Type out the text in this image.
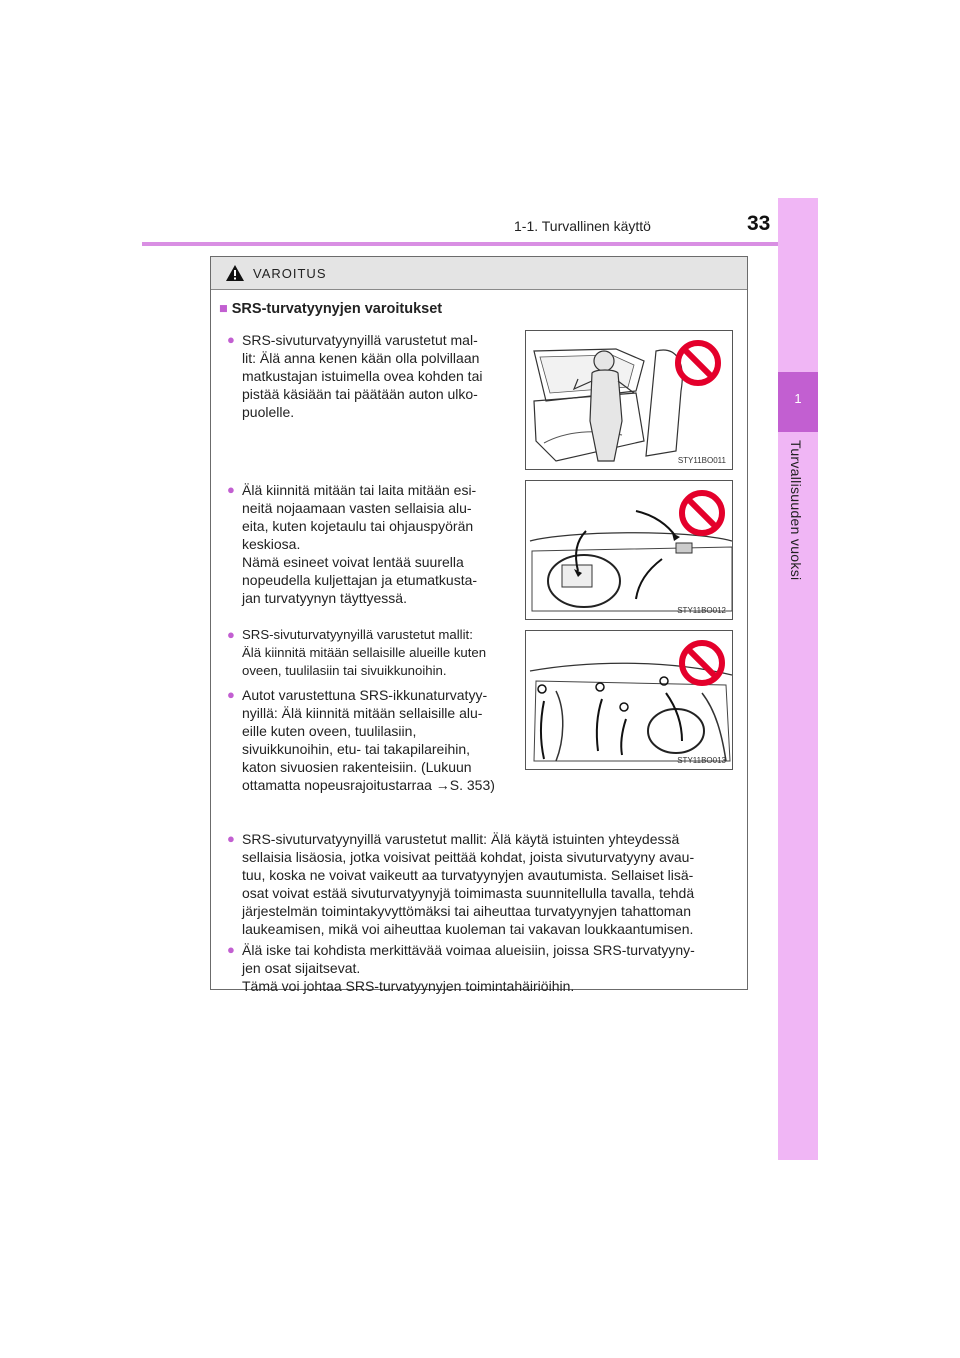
1-1. Turvallinen käyttö	33
1
Turvallisuuden vuoksi
VAROITUS
■ SRS-turvatyynyjen varoitukset
● SRS-sivuturvatyynyillä varustetut mal-
lit: Älä anna kenen kään olla polvillaan
matkustajan istuimella ovea kohden tai
pistää käsiään tai päätään auton ulko-
puolelle.
● Älä kiinnitä mitään tai laita mitään esi-
neitä nojaamaan vasten sellaisia alu-
eita, kuten kojetaulu tai ohjauspyörän
keskiosa.
Nämä esineet voivat lentää suurella
nopeudella kuljettajan ja etumatkusta-
jan turvatyynyn täyttyessä.
● SRS-sivuturvatyynyillä varustetut mallit:
Älä kiinnitä mitään sellaisille alueille kuten
oveen, tuulilasiin tai sivuikkunoihin.
● Autot varustettuna SRS-ikkunaturvatyy-
nyillä: Älä kiinnitä mitään sellaisille alu-
eille kuten oveen, tuulilasiin,
sivuikkunoihin, etu- tai takapilareihin,
katon sivuosien rakenteisiin. (Lukuun
ottamatta nopeusrajoitustarraa →S. 353)
● SRS-sivuturvatyynyillä varustetut mallit: Älä käytä istuinten yhteydessä
sellaisia lisäosia, jotka voisivat peittää kohdat, joista sivuturvatyyny avau-
tuu, koska ne voivat vaikeutt aa turvatyynyjen avautumista. Sellaiset lisä-
osat voivat estää sivuturvatyynyjä toimimasta suunnitellulla tavalla, tehdä
järjestelmän toimintakyvyttömäksi tai aiheuttaa turvatyynyjen tahattoman
laukeamisen, mikä voi aiheuttaa kuoleman tai vakavan loukkaantumisen.
● Älä iske tai kohdista merkittävää voimaa alueisiin, joissa SRS-turvatyyny-
jen osat sijaitsevat.
Tämä voi johtaa SRS-turvatyynyjen toimintahäiriöihin.
STY11BO011
STY11BO012
STY11BO013
